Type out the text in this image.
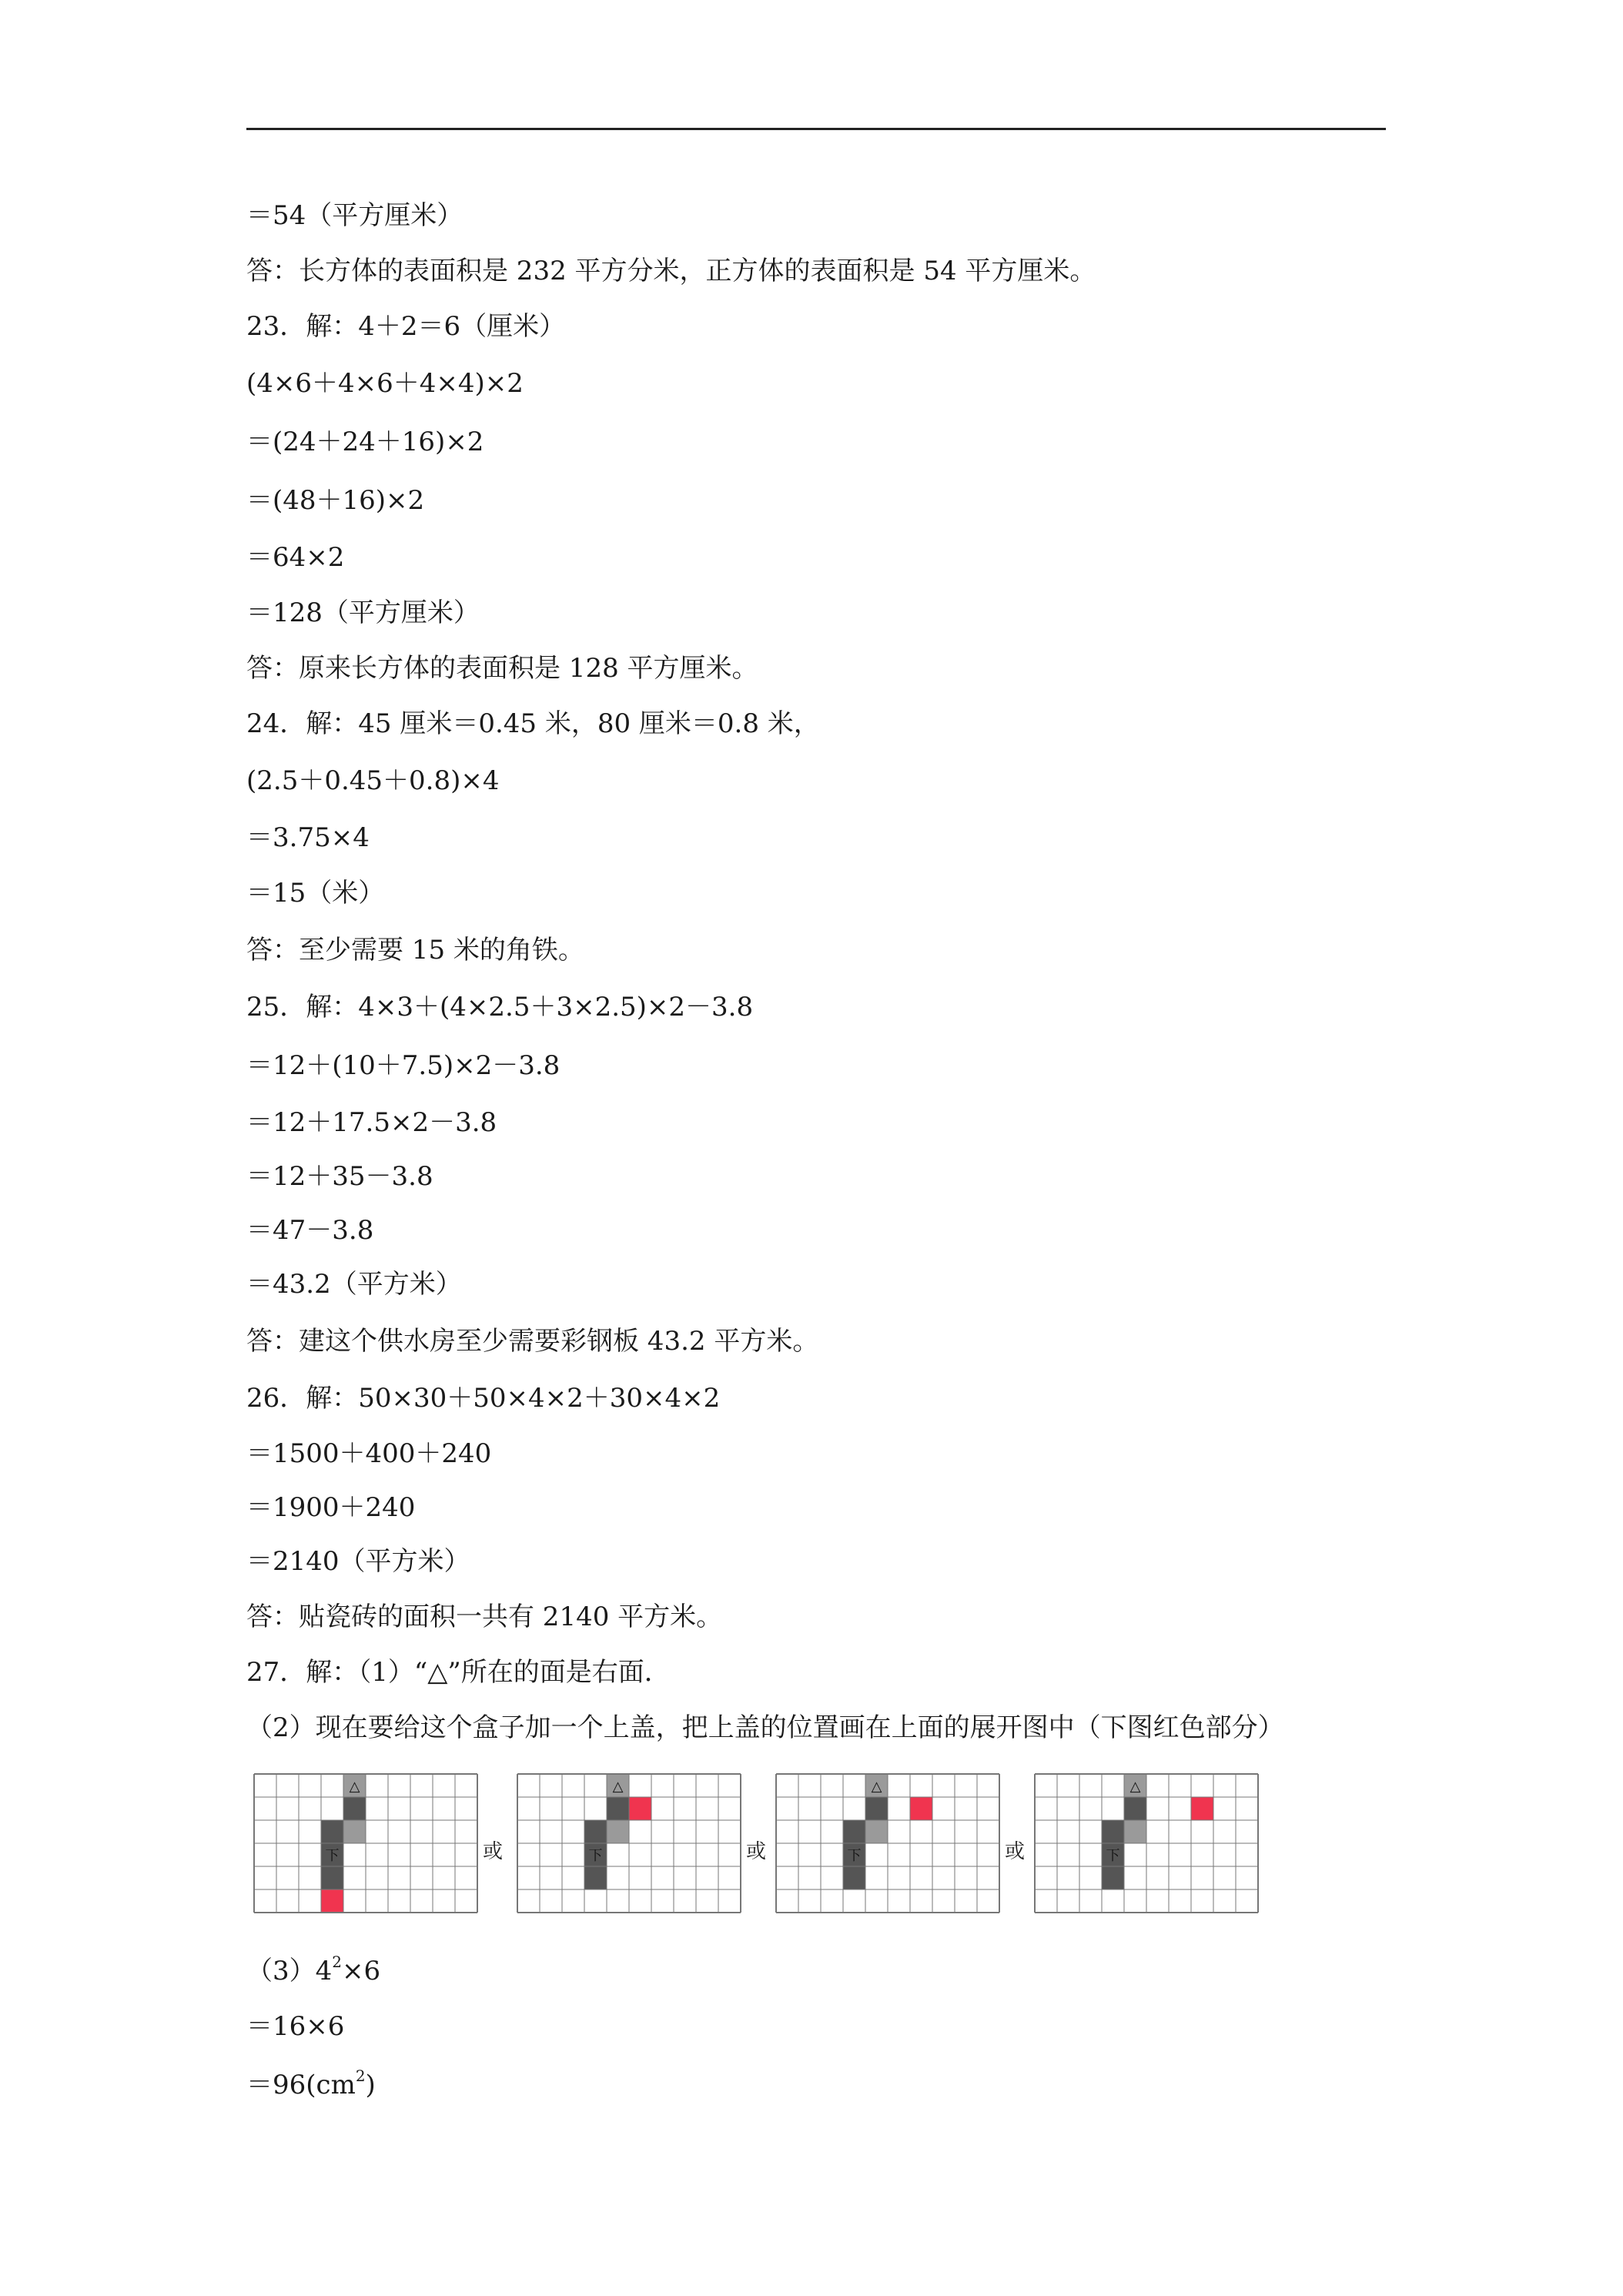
＝54（平方厘米）
答：长方体的表面积是 232 平方分米，正方体的表面积是 54 平方厘米。
23．解：4＋2＝6（厘米）
(4×6＋4×6＋4×4)×2
＝(24＋24＋16)×2
＝(48＋16)×2
＝64×2
＝128（平方厘米）
答：原来长方体的表面积是 128 平方厘米。
24．解：45 厘米＝0.45 米，80 厘米＝0.8 米，
(2.5＋0.45＋0.8)×4
＝3.75×4
＝15（米）
答：至少需要 15 米的角铁。
25．解：4×3＋(4×2.5＋3×2.5)×2－3.8
＝12＋(10＋7.5)×2－3.8
＝12＋17.5×2－3.8
＝12＋35－3.8
＝47－3.8
＝43.2（平方米）
答：建这个供水房至少需要彩钢板 43.2 平方米。
26．解：50×30＋50×4×2＋30×4×2
＝1500＋400＋240
＝1900＋240
＝2140（平方米）
答：贴瓷砖的面积一共有 2140 平方米。
27．解：（1）“△”所在的面是右面．
（2）现在要给这个盒子加一个上盖，把上盖的位置画在上面的展开图中（下图红色部分）
$(3)4^2\times 6$
＝16×6
$=96(cm^2)$
△
下	或
△
下	或
△
下	或
△
下
